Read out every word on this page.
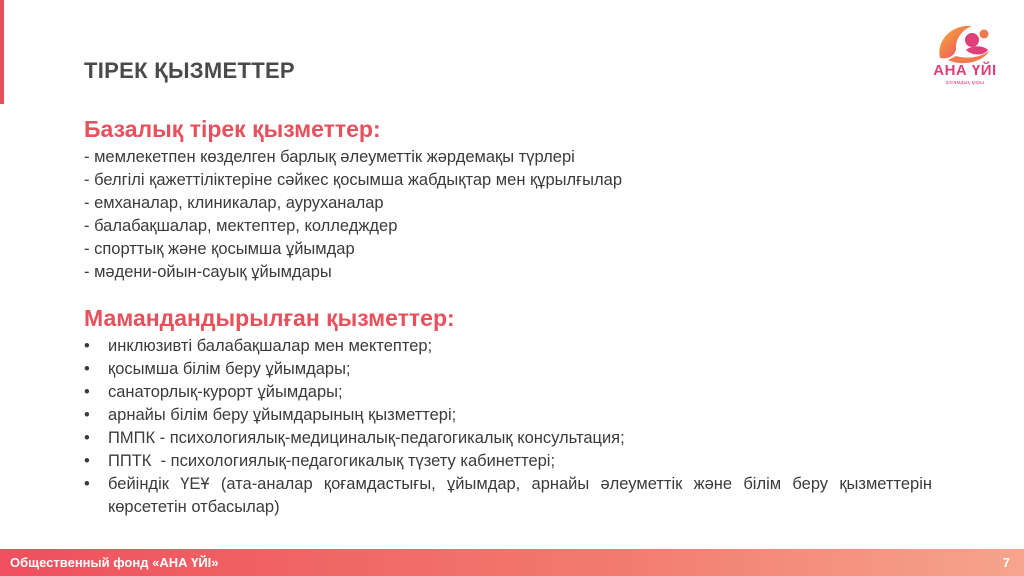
ТІРЕК ҚЫЗМЕТТЕР	АНА ҮЙІ
қоғамдық қоры
Базалық тірек қызметтер:
- мемлекетпен көзделген барлық әлеуметтік жәрдемақы түрлері
- белгілі қажеттіліктеріне сәйкес қосымша жабдықтар мен құрылғылар
- емханалар, клиникалар, ауруханалар
- балабақшалар, мектептер, колледждер
- спорттық және қосымша ұйымдар
- мәдени-ойын-сауық ұйымдары
Мамандандырылған қызметтер:
•	инклюзивті балабақшалар мен мектептер;
•	қосымша білім беру ұйымдары;
•	санаторлық-курорт ұйымдары;
•	арнайы білім беру ұйымдарының қызметтері;
•	ПМПК - психологиялық-медициналық-педагогикалық консультация;
•	ППТК  - психологиялық-педагогикалық түзету кабинеттері;
•	бейіндік ҮЕҰ (ата-аналар қоғамдастығы, ұйымдар, арнайы әлеуметтік және білім беру қызметтерін көрсететін отбасылар)
Общественный фонд «АНА ҮЙІ»	7
